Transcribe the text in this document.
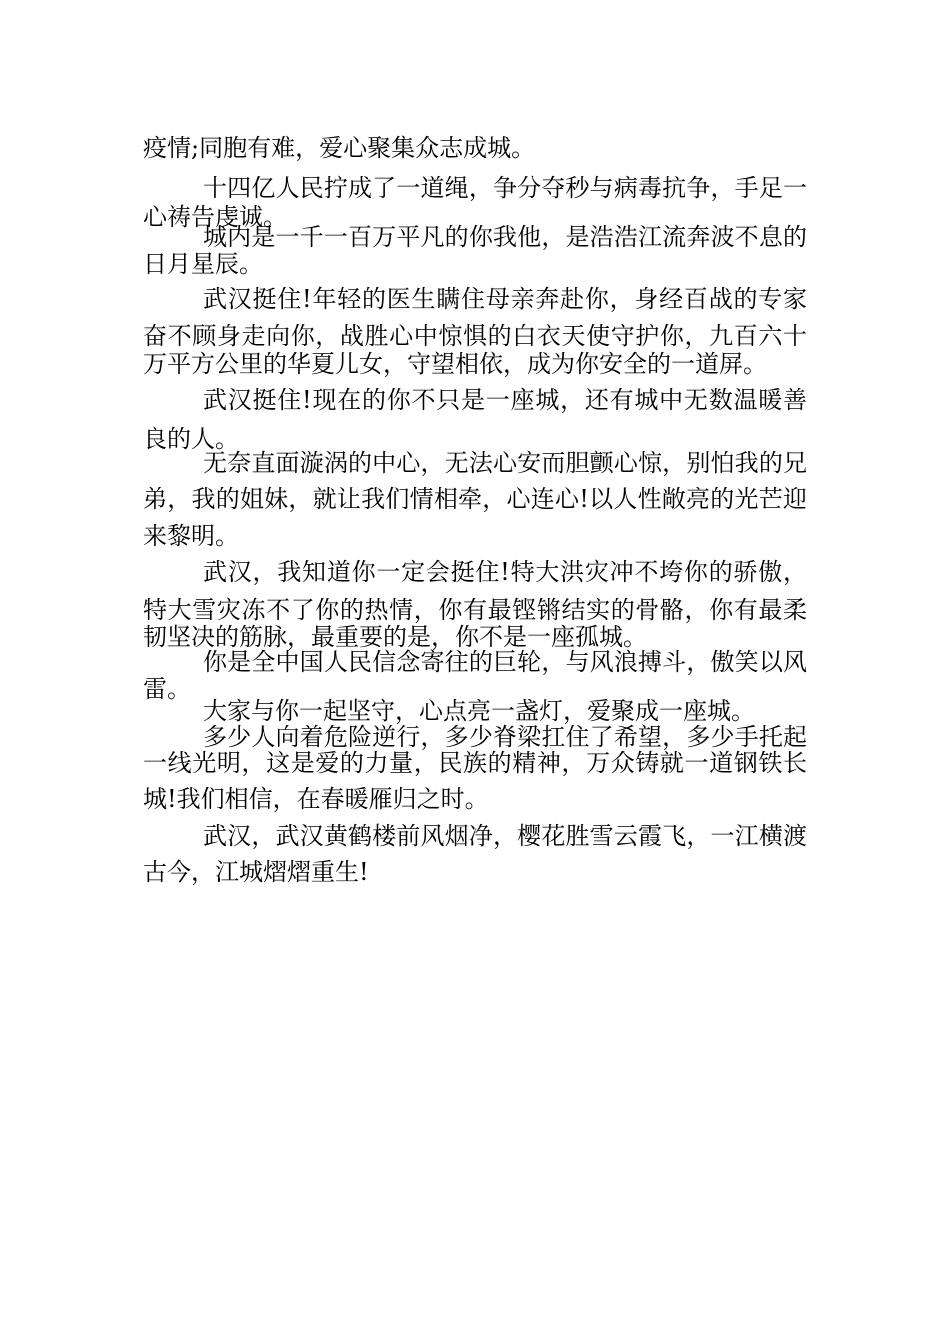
疫情;同胞有难，爱心聚集众志成城。
十四亿人民拧成了一道绳，争分夺秒与病毒抗争，手足一
心祷告虔诚。
城内是一千一百万平凡的你我他，是浩浩江流奔波不息的
日月星辰。
武汉挺住!年轻的医生瞒住母亲奔赴你，身经百战的专家
奋不顾身走向你，战胜心中惊惧的白衣天使守护你，九百六十
万平方公里的华夏儿女，守望相依，成为你安全的一道屏。
武汉挺住!现在的你不只是一座城，还有城中无数温暖善
良的人。
无奈直面漩涡的中心，无法心安而胆颤心惊，别怕我的兄
弟，我的姐妹，就让我们情相牵，心连心!以人性敞亮的光芒迎
来黎明。
武汉，我知道你一定会挺住!特大洪灾冲不垮你的骄傲，
特大雪灾冻不了你的热情，你有最铿锵结实的骨骼，你有最柔
韧坚决的筋脉，最重要的是，你不是一座孤城。
你是全中国人民信念寄往的巨轮，与风浪搏斗，傲笑以风
雷。
大家与你一起坚守，心点亮一盏灯，爱聚成一座城。
多少人向着危险逆行，多少脊梁扛住了希望，多少手托起
一线光明，这是爱的力量，民族的精神，万众铸就一道钢铁长
城!我们相信，在春暖雁归之时。
武汉，武汉黄鹤楼前风烟净，樱花胜雪云霞飞，一江横渡
古今，江城熠熠重生!
